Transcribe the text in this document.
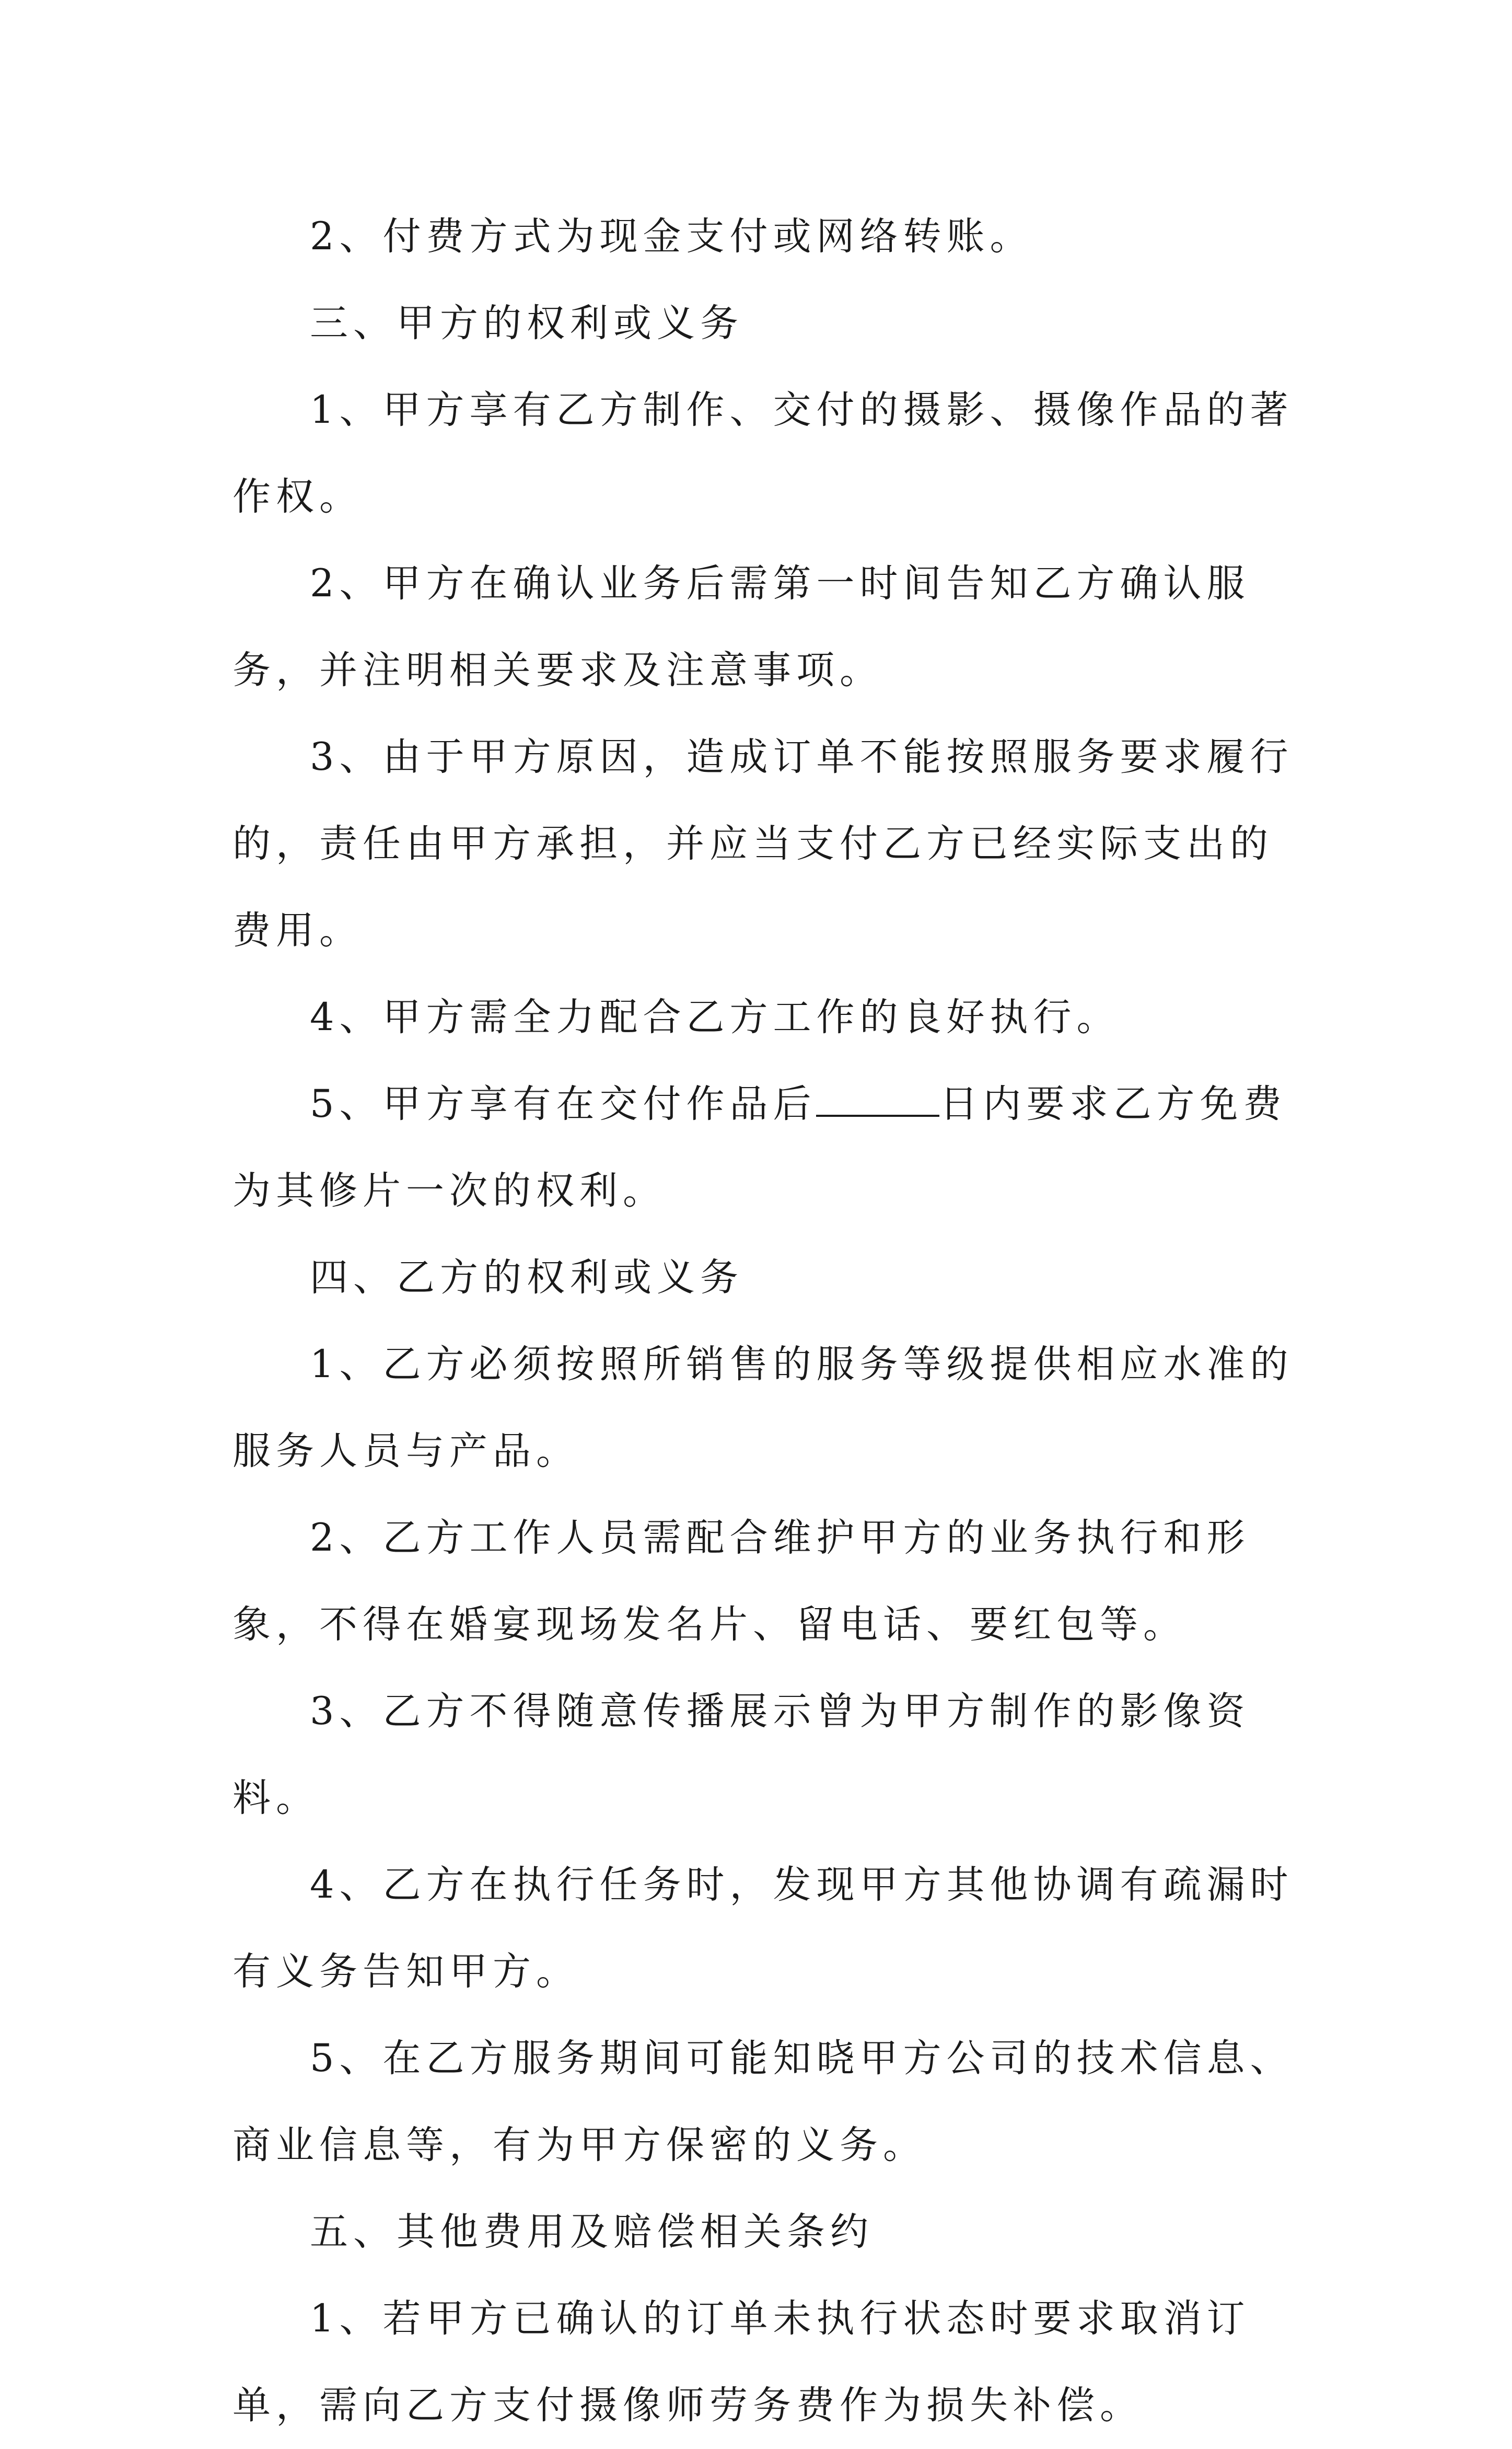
2、付费方式为现金支付或网络转账。

三、甲方的权利或义务

1、甲方享有乙方制作、交付的摄影、摄像作品的著作权。

2、甲方在确认业务后需第一时间告知乙方确认服务，并注明相关要求及注意事项。

3、由于甲方原因，造成订单不能按照服务要求履行的，责任由甲方承担，并应当支付乙方已经实际支出的费用。

4、甲方需全力配合乙方工作的良好执行。

5、甲方享有在交付作品后	日内要求乙方免费为其修片一次的权利。

四、乙方的权利或义务

1、乙方必须按照所销售的服务等级提供相应水准的服务人员与产品。

2、乙方工作人员需配合维护甲方的业务执行和形象，不得在婚宴现场发名片、留电话、要红包等。

3、乙方不得随意传播展示曾为甲方制作的影像资料。

4、乙方在执行任务时，发现甲方其他协调有疏漏时有义务告知甲方。

5、在乙方服务期间可能知晓甲方公司的技术信息、商业信息等，有为甲方保密的义务。

五、其他费用及赔偿相关条约

1、若甲方已确认的订单未执行状态时要求取消订单，需向乙方支付摄像师劳务费作为损失补偿。
